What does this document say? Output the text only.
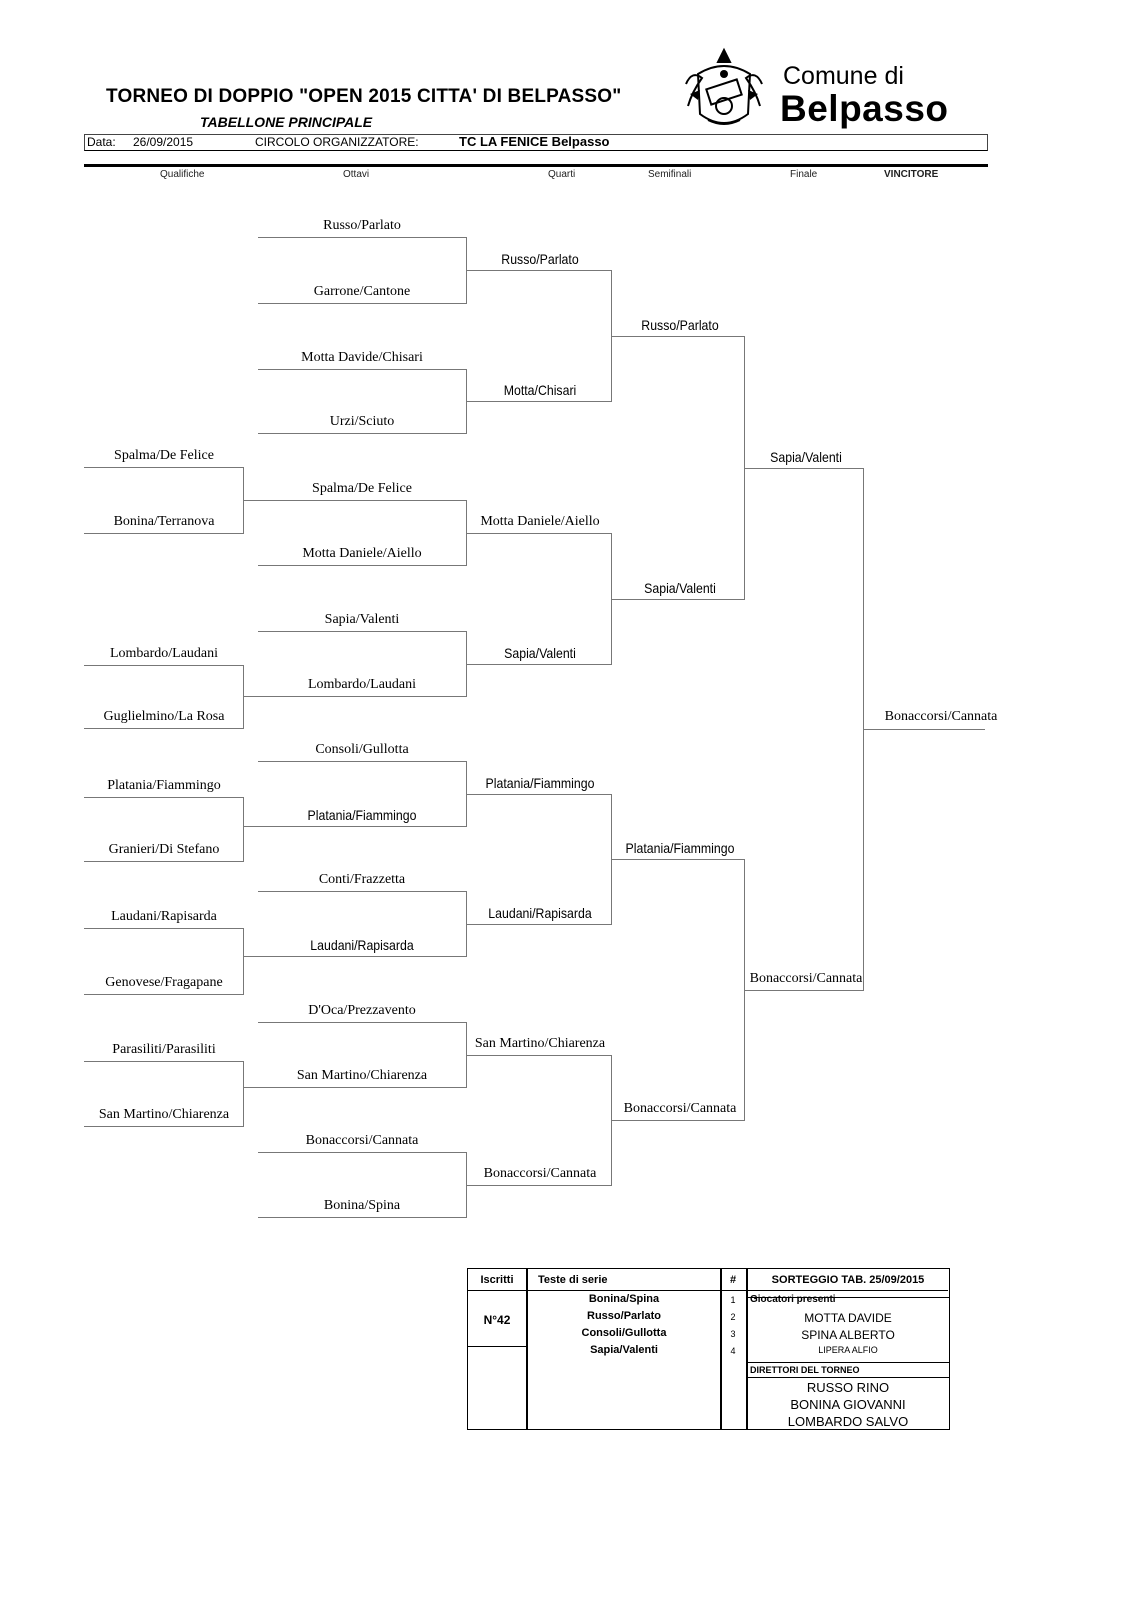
TORNEO DI DOPPIO "OPEN 2015 CITTA' DI BELPASSO"
TABELLONE PRINCIPALE
Comune di
Belpasso
Data: 26/09/2015	CIRCOLO ORGANIZZATORE:	TC LA FENICE Belpasso
Qualifiche	Ottavi	Quarti	Semifinali	Finale	VINCITORE
Russo/Parlato
Garrone/Cantone
Motta Davide/Chisari
Urzi/Sciuto
Spalma/De Felice
Motta Daniele/Aiello
Sapia/Valenti
Lombardo/Laudani
Consoli/Gullotta
Platania/Fiammingo
Conti/Frazzetta
Laudani/Rapisarda
D'Oca/Prezzavento
San Martino/Chiarenza
Bonaccorsi/Cannata
Bonina/Spina
Russo/Parlato
Motta/Chisari
Motta Daniele/Aiello
Sapia/Valenti
Platania/Fiammingo
Laudani/Rapisarda
San Martino/Chiarenza
Bonaccorsi/Cannata
Russo/Parlato
Sapia/Valenti
Platania/Fiammingo
Bonaccorsi/Cannata
Sapia/Valenti
Bonaccorsi/Cannata
Bonaccorsi/Cannata
Spalma/De Felice
Bonina/Terranova
Lombardo/Laudani
Guglielmino/La Rosa
Platania/Fiammingo
Granieri/Di Stefano
Laudani/Rapisarda
Genovese/Fragapane
Parasiliti/Parasiliti
San Martino/Chiarenza
Iscritti	Teste di serie	#	SORTEGGIO TAB. 25/09/2015
N°42
Bonina/Spina	1
Russo/Parlato	2
Consoli/Gullotta	3
Sapia/Valenti	4
Giocatori presenti
MOTTA DAVIDE
SPINA ALBERTO
LIPERA ALFIO
DIRETTORI DEL TORNEO
RUSSO RINO
BONINA GIOVANNI
LOMBARDO SALVO
